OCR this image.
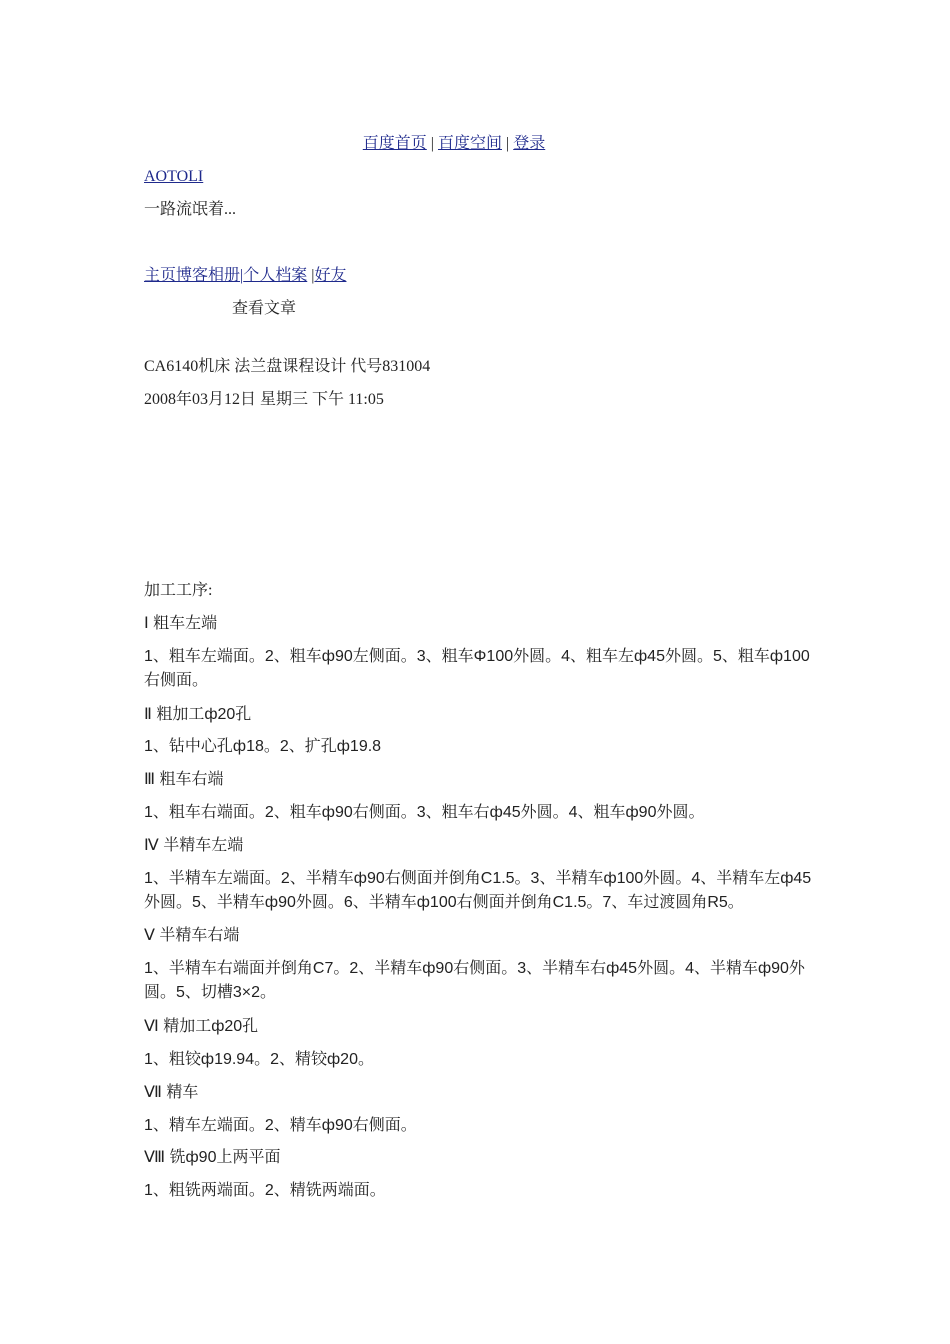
百度首页 | 百度空间 | 登录
AOTOLI
一路流氓着...
主页博客相册|个人档案 |好友
查看文章
CA6140机床 法兰盘课程设计 代号831004
2008年03月12日 星期三 下午 11:05
加工工序:
Ⅰ 粗车左端
1、粗车左端面。2、粗车ф90左侧面。3、粗车Φ100外圆。4、粗车左ф45外圆。5、粗车ф100右侧面。
Ⅱ 粗加工ф20孔
1、钻中心孔ф18。2、扩孔ф19.8
Ⅲ 粗车右端
1、粗车右端面。2、粗车ф90右侧面。3、粗车右ф45外圆。4、粗车ф90外圆。
Ⅳ 半精车左端
1、半精车左端面。2、半精车ф90右侧面并倒角C1.5。3、半精车ф100外圆。4、半精车左ф45外圆。5、半精车ф90外圆。6、半精车ф100右侧面并倒角C1.5。7、车过渡圆角R5。
Ⅴ 半精车右端
1、半精车右端面并倒角C7。2、半精车ф90右侧面。3、半精车右ф45外圆。4、半精车ф90外圆。5、切槽3×2。
Ⅵ 精加工ф20孔
1、粗铰ф19.94。2、精铰ф20。
Ⅶ 精车
1、精车左端面。2、精车ф90右侧面。
Ⅷ 铣ф90上两平面
1、粗铣两端面。2、精铣两端面。
